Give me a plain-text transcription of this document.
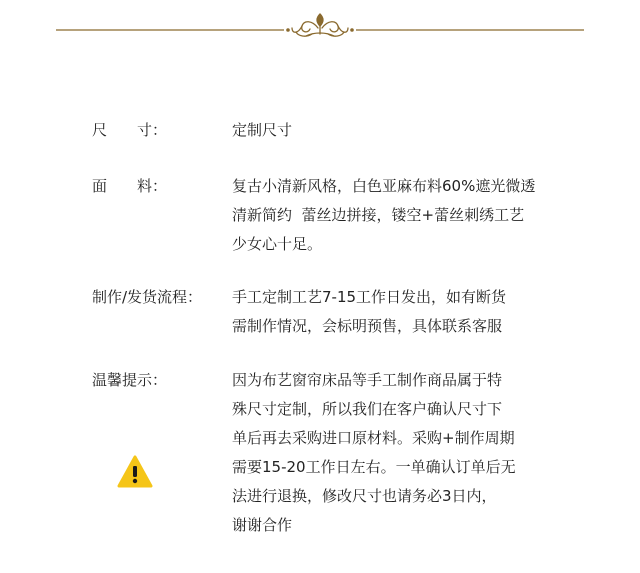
尺 寸：	定制尺寸
面 料：	复古小清新风格，白色亚麻布料60%遮光微透
清新简约  蕾丝边拼接，镂空+蕾丝刺绣工艺
少女心十足。
制作/发货流程： 手工定制工艺7-15工作日发出，如有断货
需制作情况，会标明预售，具体联系客服
温馨提示：	因为布艺窗帘床品等手工制作商品属于特
殊尺寸定制，所以我们在客户确认尺寸下
单后再去采购进口原材料。采购+制作周期
需要15-20工作日左右。一单确认订单后无
法进行退换，修改尺寸也请务必3日内，
谢谢合作
